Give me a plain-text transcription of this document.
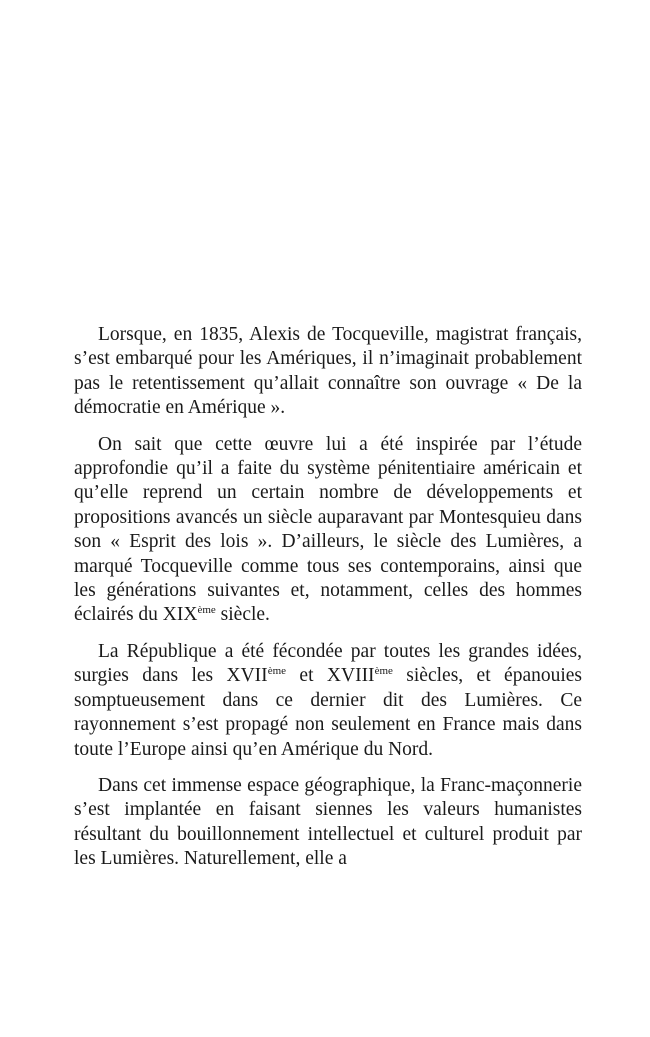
Lorsque, en 1835, Alexis de Tocqueville, magistrat français, s’est embarqué pour les Amériques, il n’imaginait probablement pas le retentissement qu’allait connaître son ouvrage « De la démocratie en Amérique ».

On sait que cette œuvre lui a été inspirée par l’étude approfondie qu’il a faite du système pénitentiaire américain et qu’elle reprend un certain nombre de développements et propositions avancés un siècle auparavant par Montesquieu dans son « Esprit des lois ». D’ailleurs, le siècle des Lumières, a marqué Tocqueville comme tous ses contemporains, ainsi que les générations suivantes et, notamment, celles des hommes éclairés du XIXème siècle.

La République a été fécondée par toutes les grandes idées, surgies dans les XVIIème et XVIIIème siècles, et épanouies somptueusement dans ce dernier dit des Lumières. Ce rayonnement s’est propagé non seulement en France mais dans toute l’Europe ainsi qu’en Amérique du Nord.

Dans cet immense espace géographique, la Franc-maçonnerie s’est implantée en faisant siennes les valeurs humanistes résultant du bouillonnement intellectuel et culturel produit par les Lumières. Naturellement, elle a
